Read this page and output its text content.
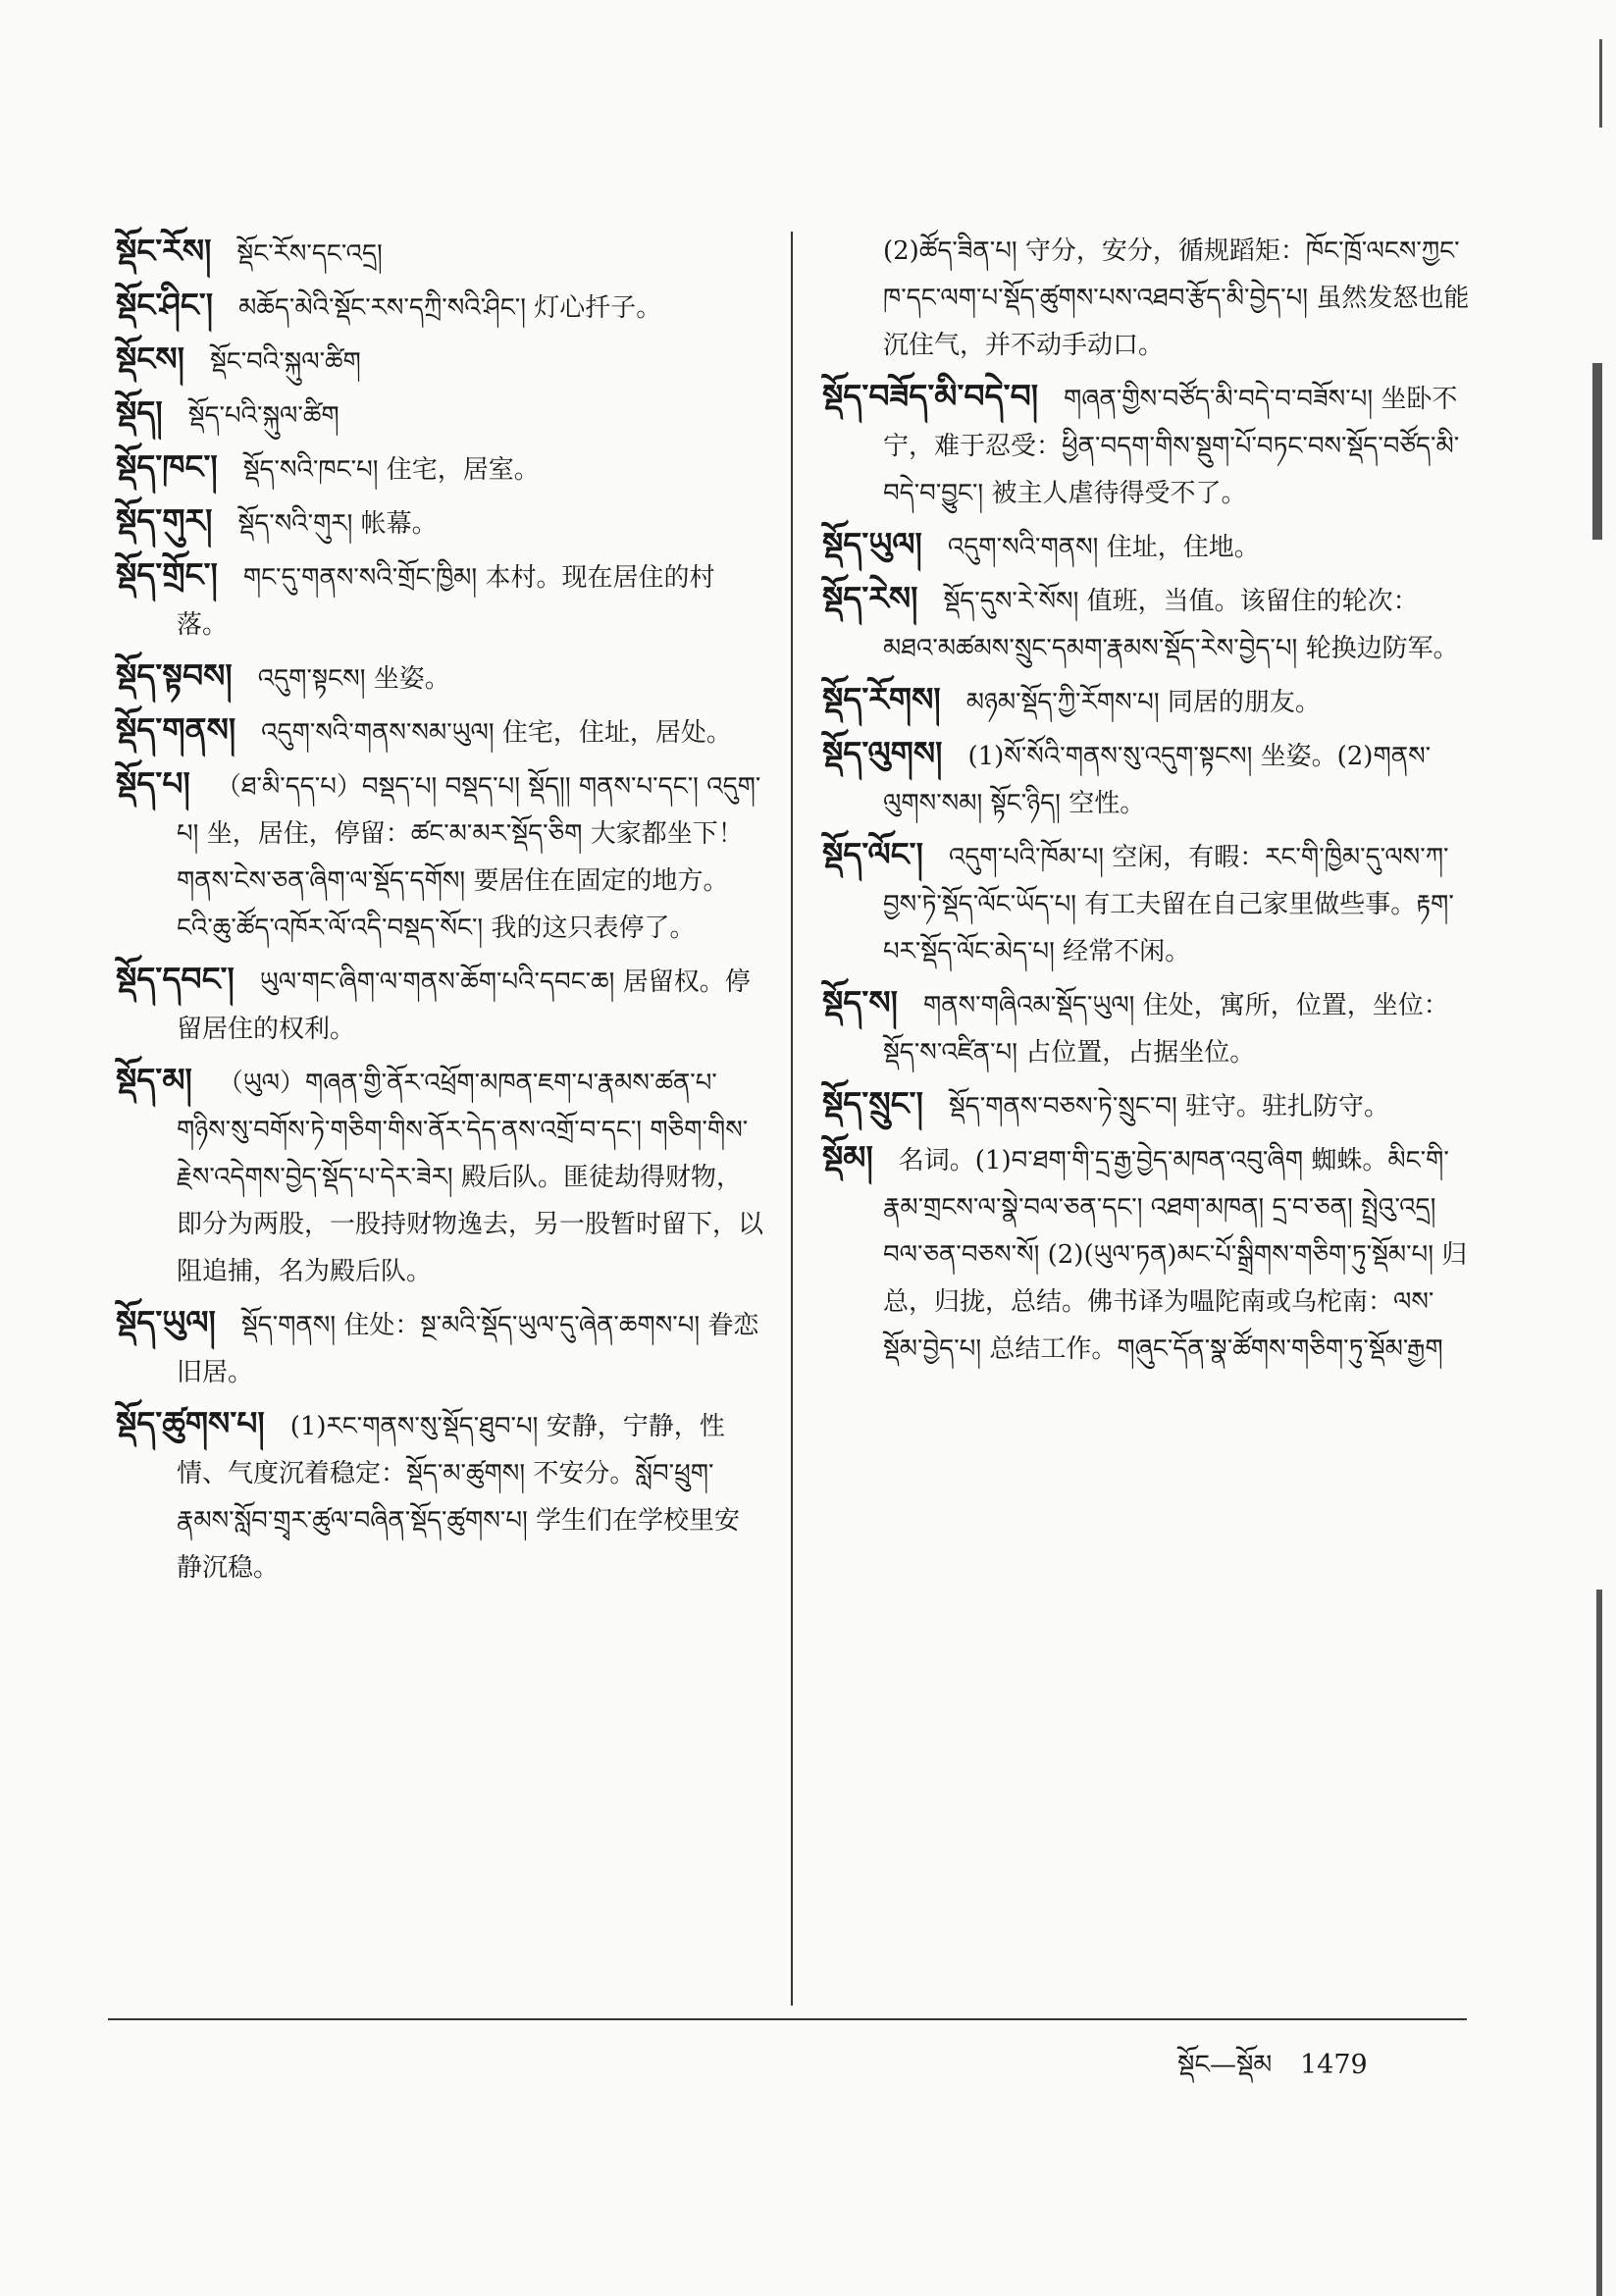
སྡོང་རོས། སྡོང་རོས་དང་འདྲ།
སྡོང་ཤིང་། མཆོད་མེའི་སྡོང་རས་དཀྲི་སའི་ཤིང་། 灯心扦子。
སྡོངས། སྡོང་བའི་སྐུལ་ཚིག
སྡོད། སྡོད་པའི་སྐུལ་ཚིག
སྡོད་ཁང་། སྡོད་སའི་ཁང་པ། 住宅，居室。
སྡོད་གུར། སྡོད་སའི་གུར། 帐幕。
སྡོད་གྲོང་། གང་དུ་གནས་སའི་གྲོང་ཁྱིམ། 本村。现在居住的村落。
སྡོད་སྟབས། འདུག་སྟངས། 坐姿。
སྡོད་གནས། འདུག་སའི་གནས་སམ་ཡུལ། 住宅，住址，居处。
སྡོད་པ། （ཐ་མི་དད་པ）བསྡད་པ། བསྡད་པ། སྡོད།། གནས་པ་དང་། འདུག་པ། 坐，居住，停留：ཚང་མ་མར་སྡོད་ཅིག 大家都坐下！གནས་ངེས་ཅན་ཞིག་ལ་སྡོད་དགོས། 要居住在固定的地方。ངའི་ཆུ་ཚོད་འཁོར་ལོ་འདི་བསྡད་སོང་། 我的这只表停了。
སྡོད་དབང་། ཡུལ་གང་ཞིག་ལ་གནས་ཆོག་པའི་དབང་ཆ། 居留权。停留居住的权利。
སྡོད་མ། （ཡུལ）གཞན་གྱི་ནོར་འཕྲོག་མཁན་ཇག་པ་རྣམས་ཚན་པ་གཉིས་སུ་བགོས་ཏེ་གཅིག་གིས་ནོར་དེད་ནས་འགྲོ་བ་དང་། གཅིག་གིས་རྗེས་འདེགས་བྱེད་སྡོད་པ་དེར་ཟེར། 殿后队。匪徒劫得财物，即分为两股，一股持财物逸去，另一股暂时留下，以阻追捕，名为殿后队。
སྡོད་ཡུལ། སྡོད་གནས། 住处：སྔ་མའི་སྡོད་ཡུལ་དུ་ཞེན་ཆགས་པ། 眷恋旧居。
སྡོད་ཚུགས་པ། (1)རང་གནས་སུ་སྡོད་ཐུབ་པ། 安静，宁静，性情、气度沉着稳定：སྡོད་མ་ཚུགས། 不安分。སློབ་ཕྲུག་རྣམས་སློབ་གྲྭར་ཚུལ་བཞིན་སྡོད་ཚུགས་པ། 学生们在学校里安静沉稳。
(2)ཚོད་ཟིན་པ། 守分，安分，循规蹈矩：ཁོང་ཁྲོ་ལངས་ཀྱང་ཁ་དང་ལག་པ་སྡོད་ཚུགས་པས་འཐབ་རྩོད་མི་བྱེད་པ། 虽然发怒也能沉住气，并不动手动口。
སྡོད་བཟོད་མི་བདེ་བ། གཞན་གྱིས་བཙོད་མི་བདེ་བ་བཟོས་པ། 坐卧不宁，难于忍受：ཕྱིན་བདག་གིས་སྡུག་པོ་བཏང་བས་སྡོད་བཙོད་མི་བདེ་བ་བྱུང་། 被主人虐待得受不了。
སྡོད་ཡུལ། འདུག་སའི་གནས། 住址，住地。
སྡོད་རེས། སྡོད་དུས་རེ་སོས། 值班，当值。该留住的轮次：མཐའ་མཚམས་སྲུང་དམག་རྣམས་སྡོད་རེས་བྱེད་པ། 轮换边防军。
སྡོད་རོགས། མཉམ་སྡོད་ཀྱི་རོགས་པ། 同居的朋友。
སྡོད་ལུགས། (1)སོ་སོའི་གནས་སུ་འདུག་སྟངས། 坐姿。(2)གནས་ལུགས་སམ། སྟོང་ཉིད། 空性。
སྡོད་ལོང་། འདུག་པའི་ཁོམ་པ། 空闲，有暇：རང་གི་ཁྱིམ་དུ་ལས་ཀ་བྱས་ཏེ་སྡོད་ལོང་ཡོད་པ། 有工夫留在自己家里做些事。རྟག་པར་སྡོད་ལོང་མེད་པ། 经常不闲。
སྡོད་ས། གནས་གཞིའམ་སྡོད་ཡུལ། 住处，寓所，位置，坐位：སྡོད་ས་འཛིན་པ། 占位置，占据坐位。
སྡོད་སྲུང་། སྡོད་གནས་བཅས་ཏེ་སྲུང་བ། 驻守。驻扎防守。
སྡོམ། 名词。(1)བ་ཐག་གི་དྲ་རྒྱ་བྱེད་མཁན་འབུ་ཞིག 蜘蛛。མིང་གི་རྣམ་གྲངས་ལ་སྣེ་བལ་ཅན་དང་། འཐག་མཁན། དྲ་བ་ཅན། སྤྲེའུ་འདྲ། བལ་ཅན་བཅས་སོ། (2)(ཡུལ་ཏན)མང་པོ་སྒྲིགས་གཅིག་ཏུ་སྡོམ་པ། 归总，归拢，总结。佛书译为嗢陀南或乌柁南：ལས་སྡོམ་བྱེད་པ། 总结工作。གཞུང་དོན་སྣ་ཚོགས་གཅིག་ཏུ་སྡོམ་རྒྱག
སྡོང—སྡོམ 1479
